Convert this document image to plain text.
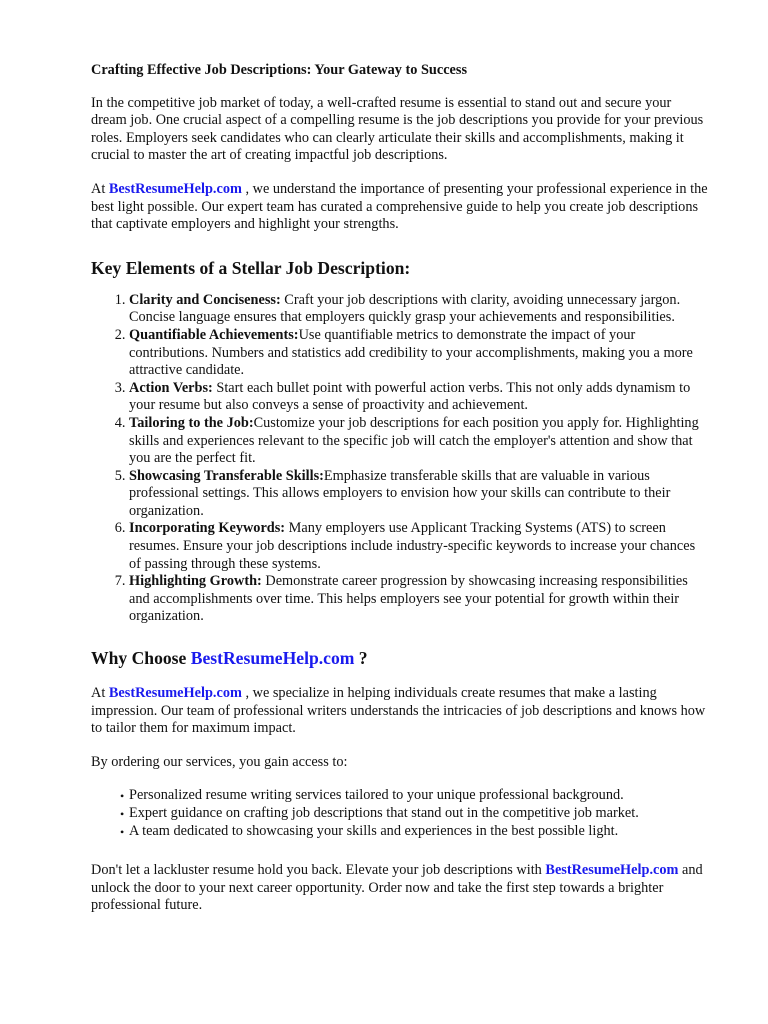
Crafting Effective Job Descriptions: Your Gateway to Success

In the competitive job market of today, a well-crafted resume is essential to stand out and secure your dream job. One crucial aspect of a compelling resume is the job descriptions you provide for your previous roles. Employers seek candidates who can clearly articulate their skills and accomplishments, making it crucial to master the art of creating impactful job descriptions.

At BestResumeHelp.com , we understand the importance of presenting your professional experience in the best light possible. Our expert team has curated a comprehensive guide to help you create job descriptions that captivate employers and highlight your strengths.

Key Elements of a Stellar Job Description:
1. Clarity and Conciseness: Craft your job descriptions with clarity, avoiding unnecessary jargon. Concise language ensures that employers quickly grasp your achievements and responsibilities.
2. Quantifiable Achievements:Use quantifiable metrics to demonstrate the impact of your contributions. Numbers and statistics add credibility to your accomplishments, making you a more attractive candidate.
3. Action Verbs: Start each bullet point with powerful action verbs. This not only adds dynamism to your resume but also conveys a sense of proactivity and achievement.
4. Tailoring to the Job:Customize your job descriptions for each position you apply for. Highlighting skills and experiences relevant to the specific job will catch the employer's attention and show that you are the perfect fit.
5. Showcasing Transferable Skills:Emphasize transferable skills that are valuable in various professional settings. This allows employers to envision how your skills can contribute to their organization.
6. Incorporating Keywords: Many employers use Applicant Tracking Systems (ATS) to screen resumes. Ensure your job descriptions include industry-specific keywords to increase your chances of passing through these systems.
7. Highlighting Growth: Demonstrate career progression by showcasing increasing responsibilities and accomplishments over time. This helps employers see your potential for growth within their organization.
Why Choose BestResumeHelp.com ?

At BestResumeHelp.com , we specialize in helping individuals create resumes that make a lasting impression. Our team of professional writers understands the intricacies of job descriptions and knows how to tailor them for maximum impact.

By ordering our services, you gain access to:

• Personalized resume writing services tailored to your unique professional background.
• Expert guidance on crafting job descriptions that stand out in the competitive job market.
• A team dedicated to showcasing your skills and experiences in the best possible light.

Don't let a lackluster resume hold you back. Elevate your job descriptions with BestResumeHelp.com and unlock the door to your next career opportunity. Order now and take the first step towards a brighter professional future.
